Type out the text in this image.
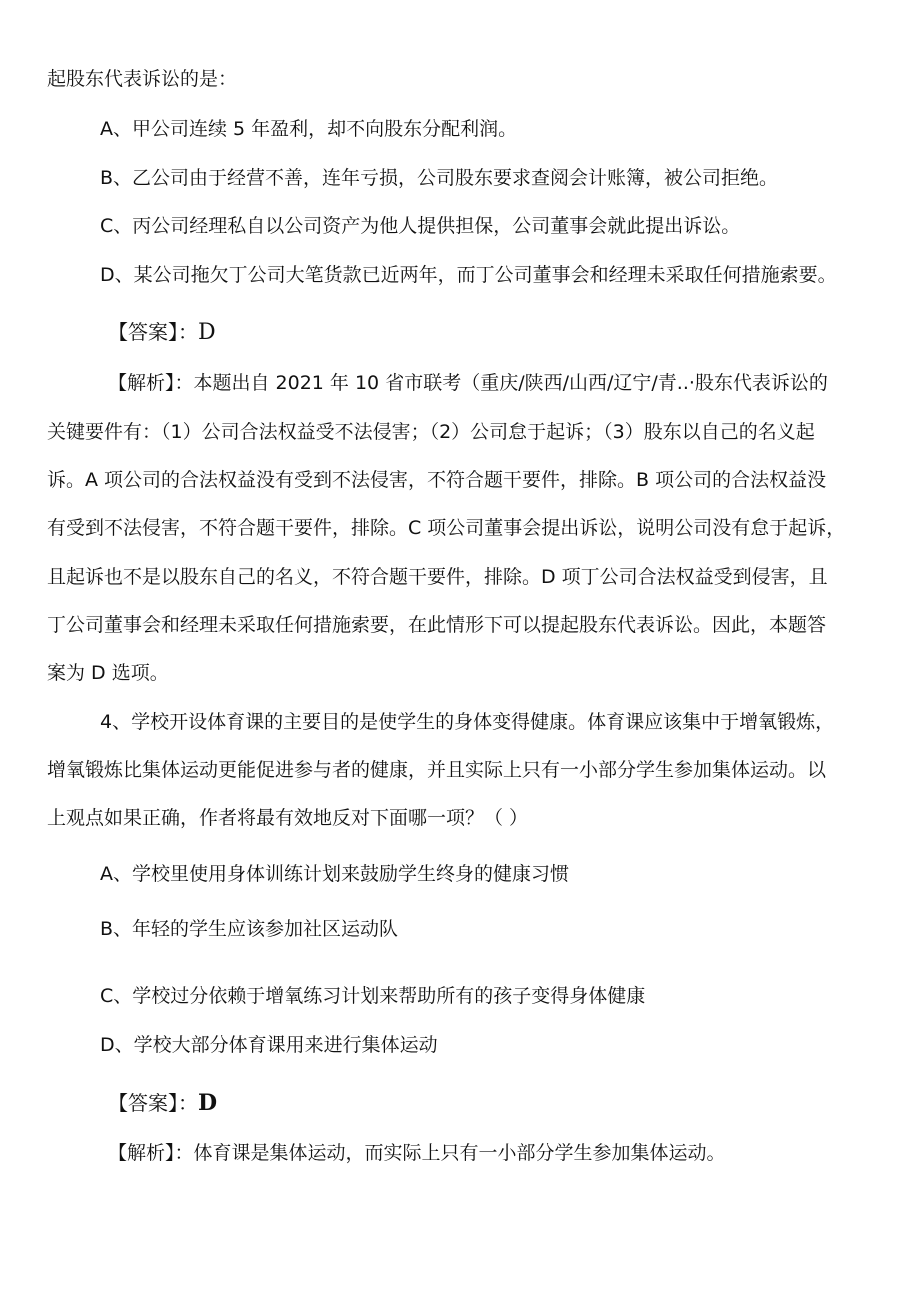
起股东代表诉讼的是：
A、甲公司连续 5 年盈利，却不向股东分配利润。
B、乙公司由于经营不善，连年亏损，公司股东要求查阅会计账簿，被公司拒绝。
C、丙公司经理私自以公司资产为他人提供担保，公司董事会就此提出诉讼。
D、某公司拖欠丁公司大笔货款已近两年，而丁公司董事会和经理未采取任何措施索要。
【答案】：D
【解析】：本题出自 2021 年 10 省市联考（重庆/陕西/山西/辽宁/青..·股东代表诉讼的
关键要件有：（1）公司合法权益受不法侵害；（2）公司怠于起诉；（3）股东以自己的名义起
诉。A 项公司的合法权益没有受到不法侵害，不符合题干要件，排除。B 项公司的合法权益没
有受到不法侵害，不符合题干要件，排除。C 项公司董事会提出诉讼，说明公司没有怠于起诉，
且起诉也不是以股东自己的名义，不符合题干要件，排除。D 项丁公司合法权益受到侵害，且
丁公司董事会和经理未采取任何措施索要，在此情形下可以提起股东代表诉讼。因此，本题答
案为 D 选项。
4、学校开设体育课的主要目的是使学生的身体变得健康。体育课应该集中于增氧锻炼，
增氧锻炼比集体运动更能促进参与者的健康，并且实际上只有一小部分学生参加集体运动。以
上观点如果正确，作者将最有效地反对下面哪一项？（ ）
A、学校里使用身体训练计划来鼓励学生终身的健康习惯
B、年轻的学生应该参加社区运动队
C、学校过分依赖于增氧练习计划来帮助所有的孩子变得身体健康
D、学校大部分体育课用来进行集体运动
【答案】：D
【解析】：体育课是集体运动，而实际上只有一小部分学生参加集体运动。
